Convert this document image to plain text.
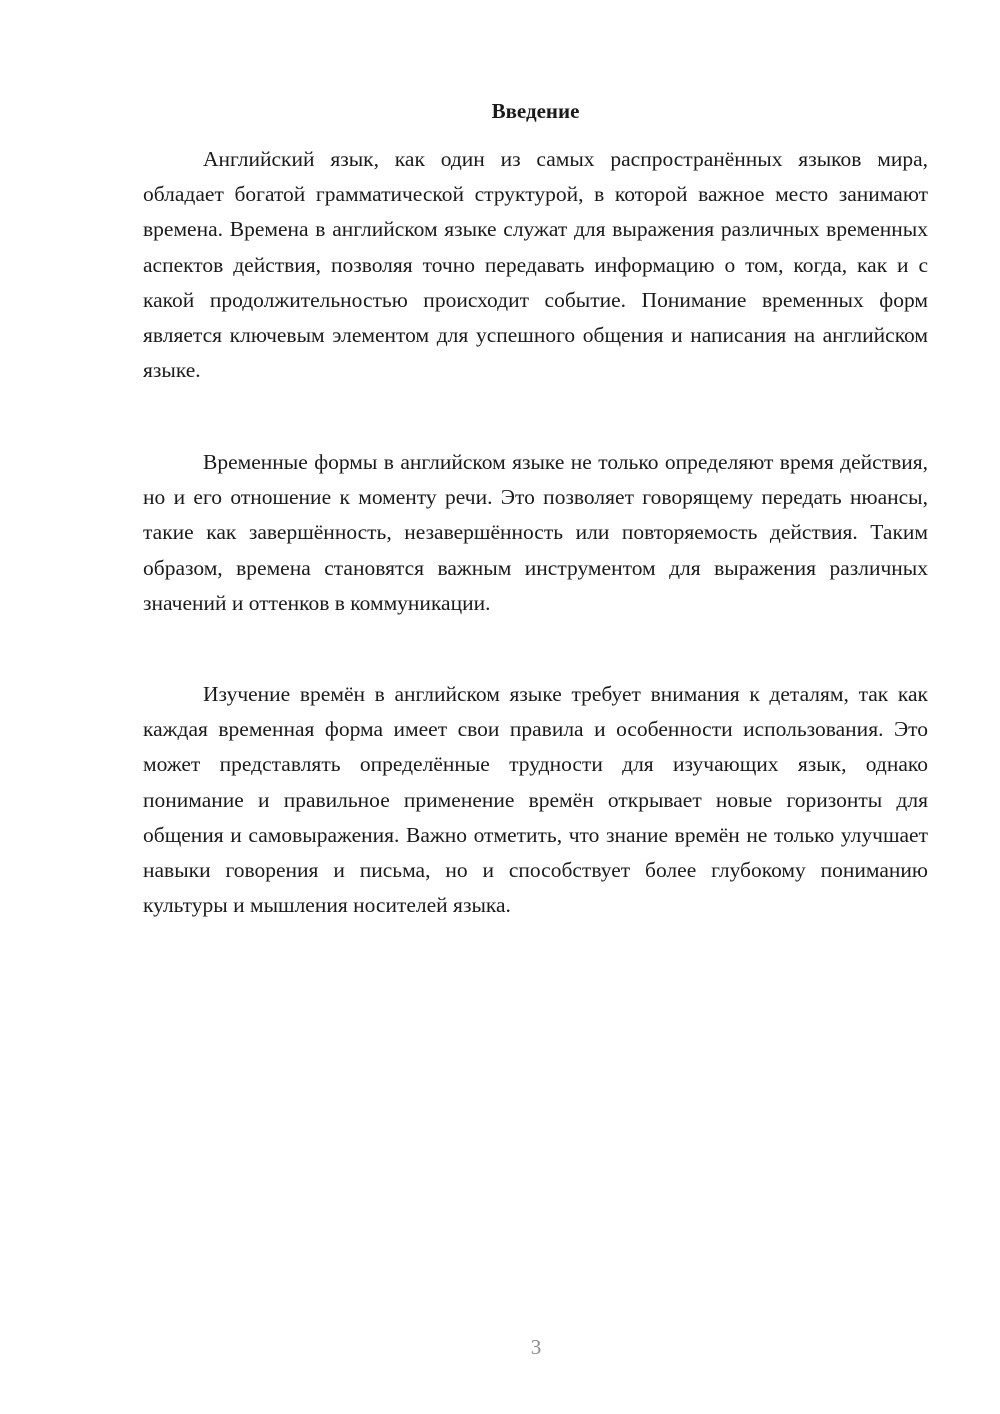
Введение

Английский язык, как один из самых распространённых языков мира, обладает богатой грамматической структурой, в которой важное место занимают времена. Времена в английском языке служат для выражения различных временных аспектов действия, позволяя точно передавать информацию о том, когда, как и с какой продолжительностью происходит событие. Понимание временных форм является ключевым элементом для успешного общения и написания на английском языке.

Временные формы в английском языке не только определяют время действия, но и его отношение к моменту речи. Это позволяет говорящему передать нюансы, такие как завершённость, незавершённость или повторяемость действия. Таким образом, времена становятся важным инструментом для выражения различных значений и оттенков в коммуникации.

Изучение времён в английском языке требует внимания к деталям, так как каждая временная форма имеет свои правила и особенности использования. Это может представлять определённые трудности для изучающих язык, однако понимание и правильное применение времён открывает новые горизонты для общения и самовыражения. Важно отметить, что знание времён не только улучшает навыки говорения и письма, но и способствует более глубокому пониманию культуры и мышления носителей языка.

3
